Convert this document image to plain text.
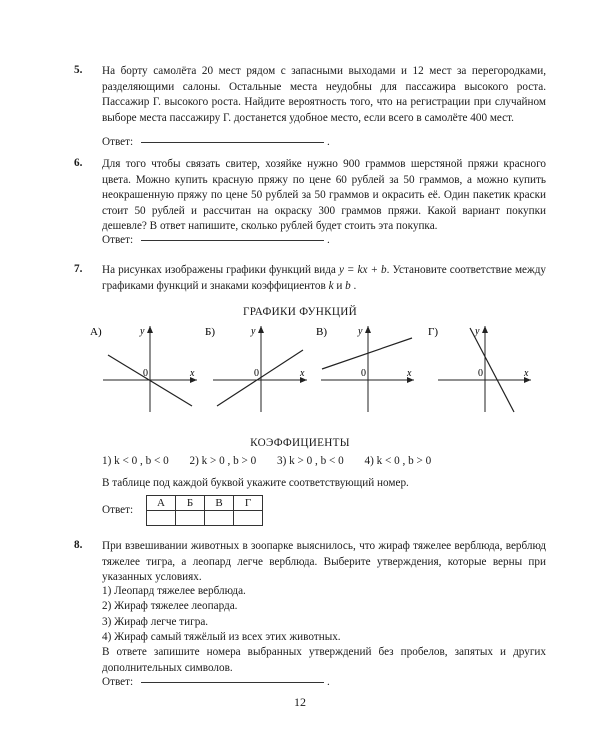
5. На борту самолёта 20 мест рядом с запасными выходами и 12 мест за перегородками, разделяющими салоны. Остальные места неудобны для пассажира высокого роста. Пассажир Г. высокого роста. Найдите вероятность того, что на регистрации при случайном выборе места пассажиру Г. достанется удобное место, если всего в самолёте 400 мест.
Ответ:	.
6. Для того чтобы связать свитер, хозяйке нужно 900 граммов шерстяной пряжи красного цвета. Можно купить красную пряжу по цене 60 рублей за 50 граммов, а можно купить неокрашенную пряжу по цене 50 рублей за 50 граммов и окрасить её. Один пакетик краски стоит 50 рублей и рассчитан на окраску 300 граммов пряжи. Какой вариант покупки дешевле? В ответ напишите, сколько рублей будет стоить эта покупка.
Ответ:	.
7. На рисунках изображены графики функций вида y = kx + b. Установите соответствие между графиками функций и знаками коэффициентов k и b .
ГРАФИКИ ФУНКЦИЙ
А)	y
x
0
Б)	y
x
0
В)	y
x
0
Г)	y
x
0
КОЭФФИЦИЕНТЫ
1) k < 0 , b < 0 2) k > 0 , b > 0 3) k > 0 , b < 0 4) k < 0 , b > 0
В таблице под каждой буквой укажите соответствующий номер.
Ответ:
А	Б	В	Г

8. При взвешивании животных в зоопарке выяснилось, что жираф тяжелее верблюда, верблюд тяжелее тигра, а леопард легче верблюда. Выберите утверждения, которые верны при указанных условиях.
1) Леопард тяжелее верблюда.
2) Жираф тяжелее леопарда.
3) Жираф легче тигра.
4) Жираф самый тяжёлый из всех этих животных.
В ответе запишите номера выбранных утверждений без пробелов, запятых и других дополнительных символов.
Ответ:	.
12
